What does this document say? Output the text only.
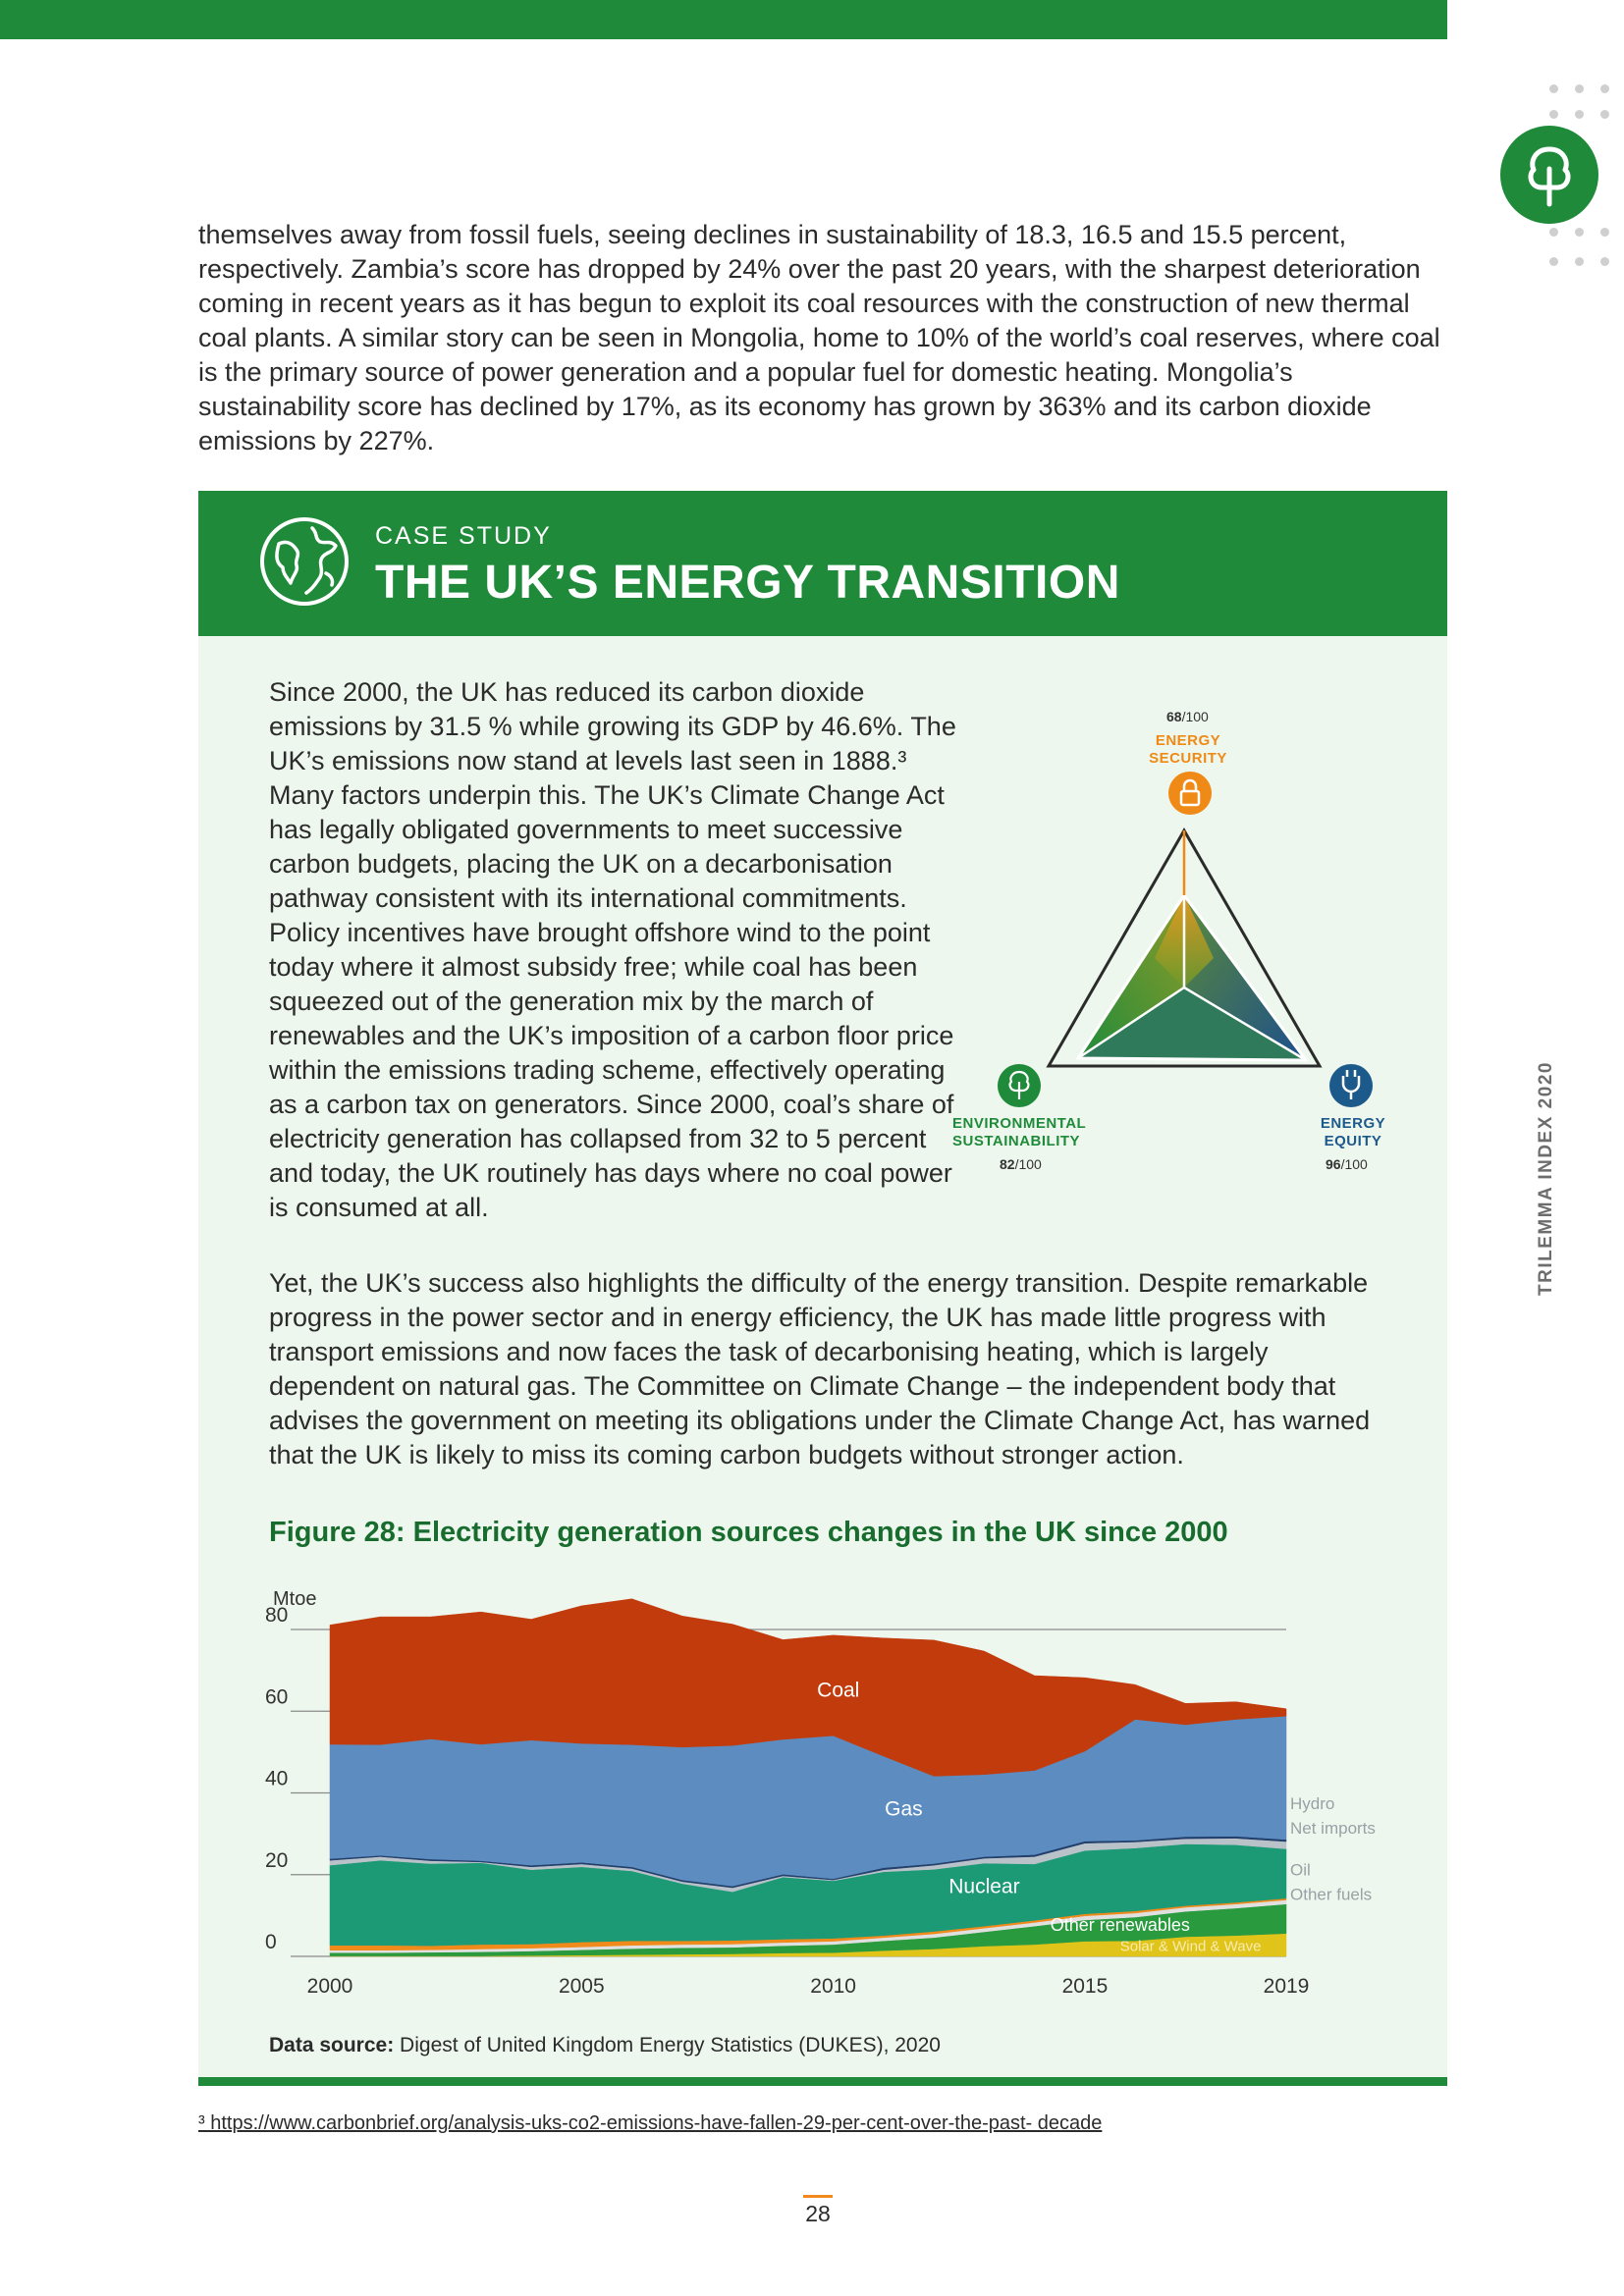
themselves away from fossil fuels, seeing declines in sustainability of 18.3, 16.5 and 15.5 percent, respectively. Zambia’s score has dropped by 24% over the past 20 years, with the sharpest deterioration coming in recent years as it has begun to exploit its coal resources with the construction of new thermal coal plants. A similar story can be seen in Mongolia, home to 10% of the world’s coal reserves, where coal is the primary source of power generation and a popular fuel for domestic heating. Mongolia’s sustainability score has declined by 17%, as its economy has grown by 363% and its carbon dioxide emissions by 227%.
CASE STUDY
THE UK’S ENERGY TRANSITION
Since 2000, the UK has reduced its carbon dioxide emissions by 31.5 % while growing its GDP by 46.6%. The UK’s emissions now stand at levels last seen in 1888.³ Many factors underpin this. The UK’s Climate Change Act has legally obligated governments to meet successive carbon budgets, placing the UK on a decarbonisation pathway consistent with its international commitments. Policy incentives have brought offshore wind to the point today where it almost subsidy free; while coal has been squeezed out of the generation mix by the march of renewables and the UK’s imposition of a carbon floor price within the emissions trading scheme, effectively operating as a carbon tax on generators. Since 2000, coal’s share of electricity generation has collapsed from 32 to 5 percent and today, the UK routinely has days where no coal power is consumed at all.
68/100
ENERGY
SECURITY
ENVIRONMENTAL
SUSTAINABILITY
82/100
ENERGY
EQUITY
96/100
Yet, the UK’s success also highlights the difficulty of the energy transition. Despite remarkable progress in the power sector and in energy efficiency, the UK has made little progress with transport emissions and now faces the task of decarbonising heating, which is largely dependent on natural gas. The Committee on Climate Change – the independent body that advises the government on meeting its obligations under the Climate Change Act, has warned that the UK is likely to miss its coming carbon budgets without stronger action.
Figure 28: Electricity generation sources changes in the UK since 2000
0
20
40
60
80
Mtoe
2000	2005	2010	2015	2019
Coal
Gas
Nuclear
Other renewables
Solar & Wind & Wave
Hydro
Net imports
Oil
Other fuels
Data source: Digest of United Kingdom Energy Statistics (DUKES), 2020
³ https://www.carbonbrief.org/analysis-uks-co2-emissions-have-fallen-29-per-cent-over-the-past- decade
28
TRILEMMA INDEX 2020
